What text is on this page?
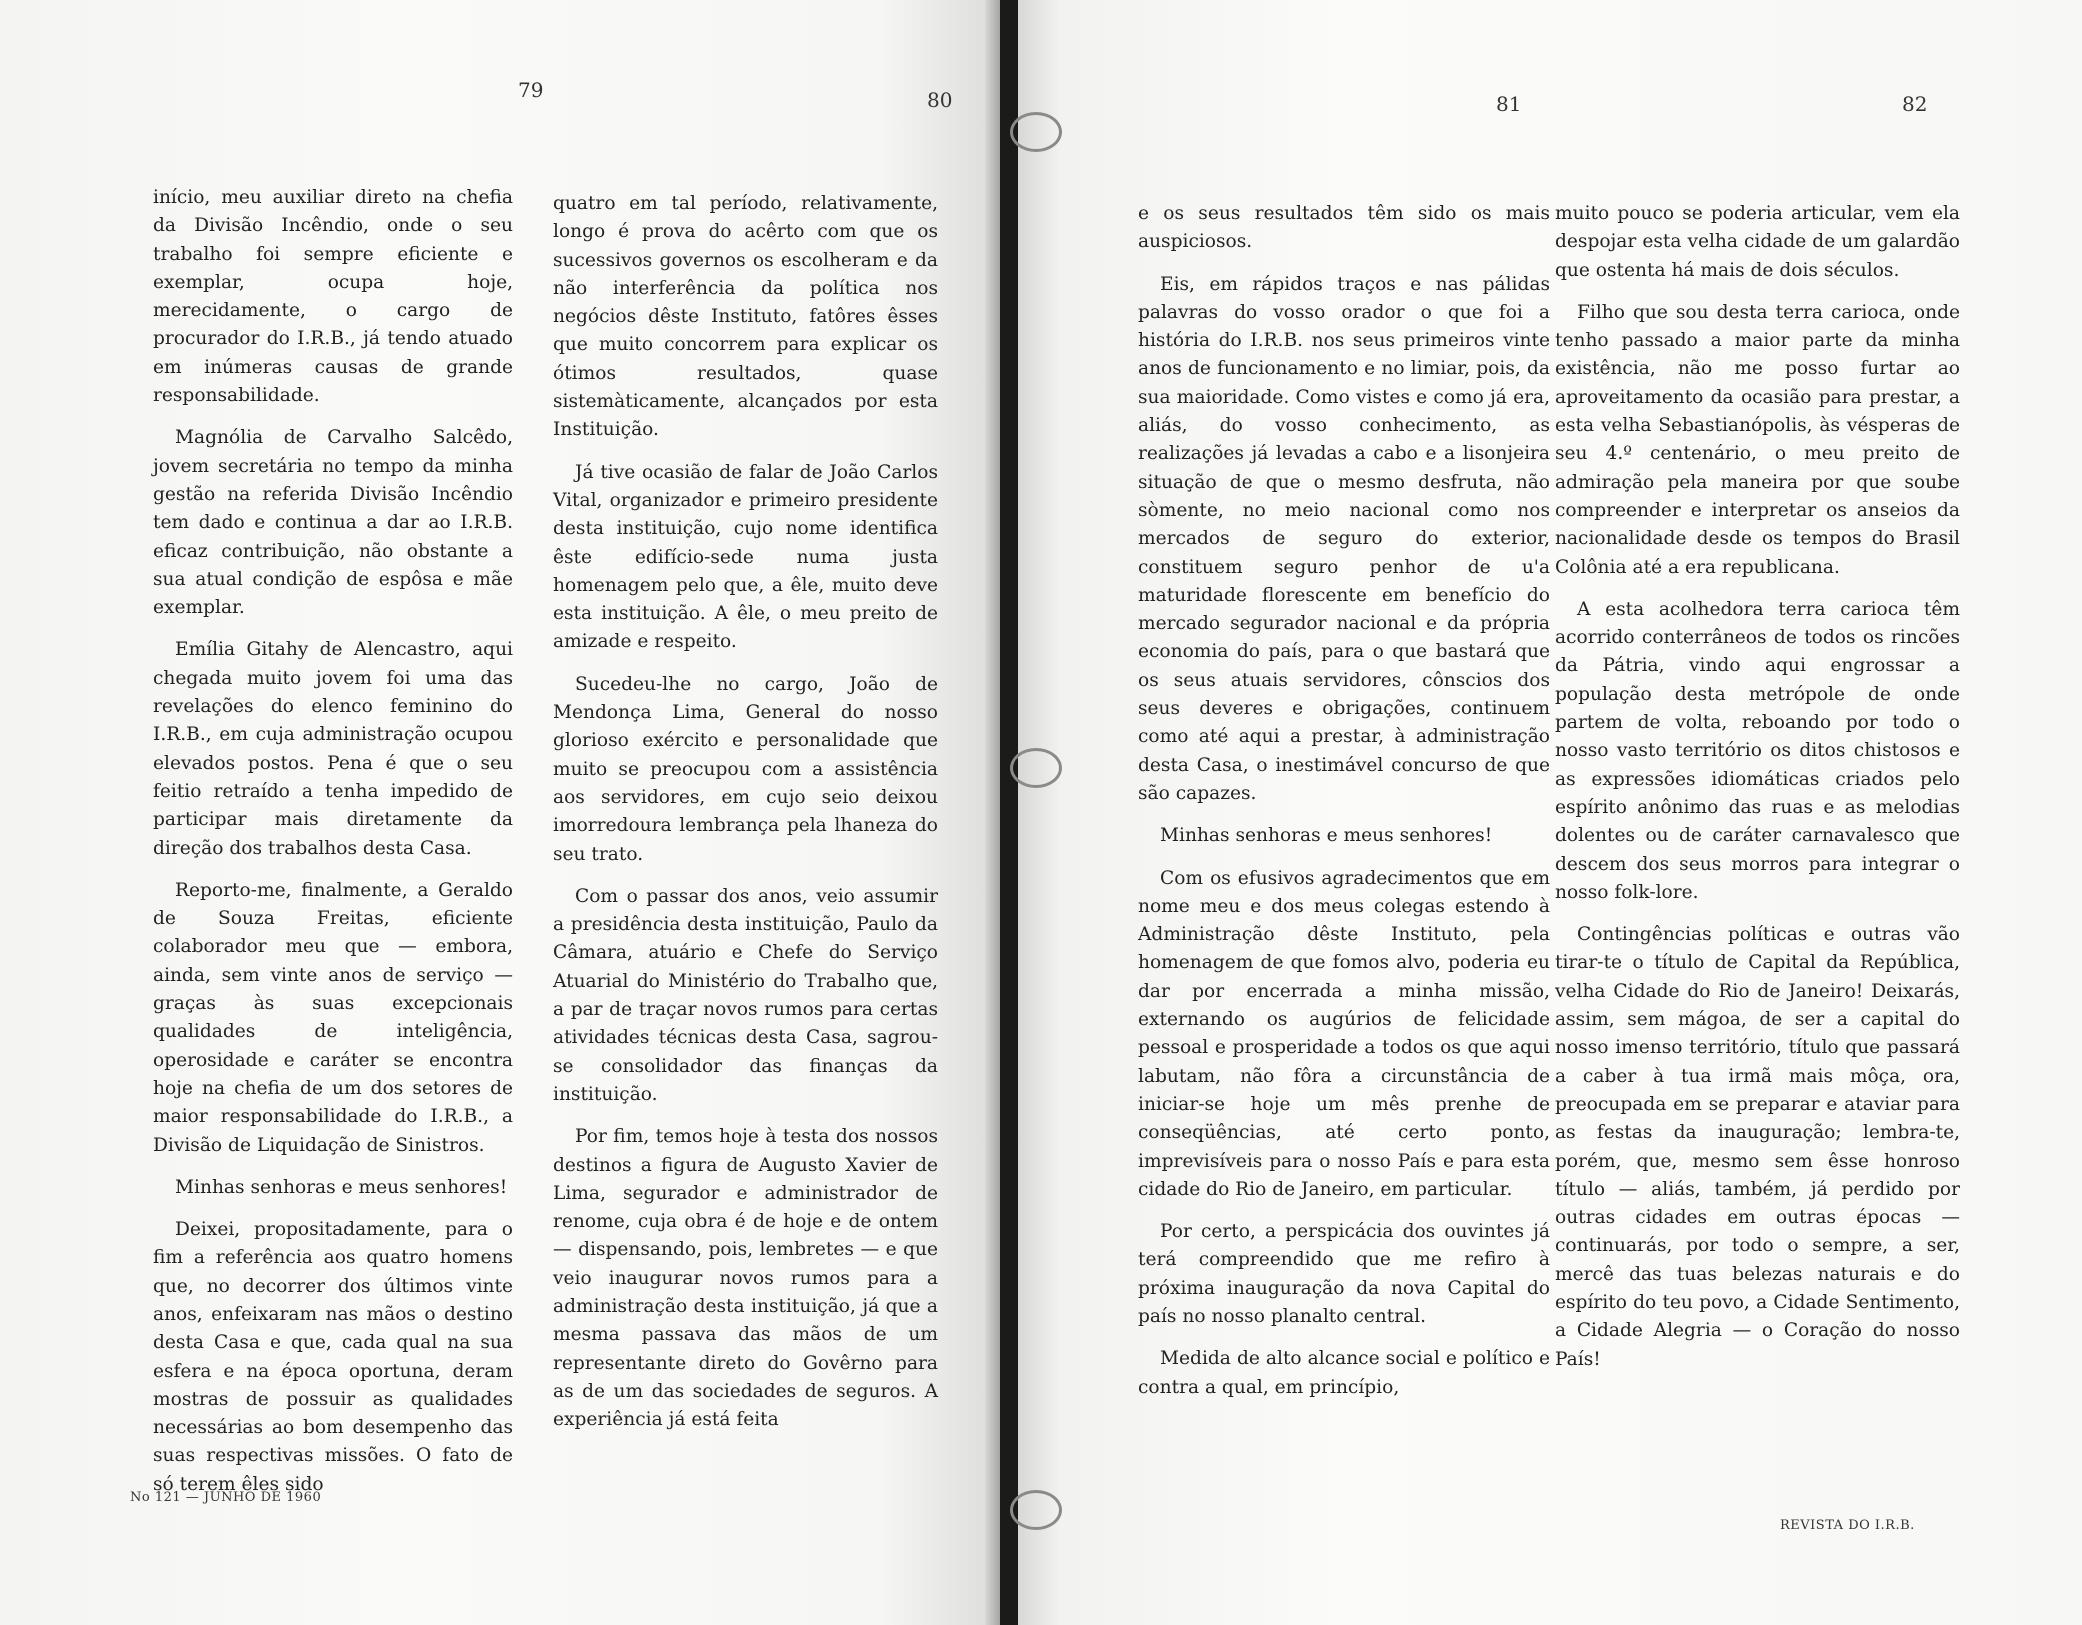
79	80

início, meu auxiliar direto na chefia da Divisão Incêndio, onde o seu trabalho foi sempre eficiente e exemplar, ocupa hoje, merecidamente, o cargo de procurador do I.R.B., já tendo atuado em inúmeras causas de grande responsabilidade.

Magnólia de Carvalho Salcêdo, jovem secretária no tempo da minha gestão na referida Divisão Incêndio tem dado e continua a dar ao I.R.B. eficaz contribuição, não obstante a sua atual condição de espôsa e mãe exemplar.

Emília Gitahy de Alencastro, aqui chegada muito jovem foi uma das revelações do elenco feminino do I.R.B., em cuja administração ocupou elevados postos. Pena é que o seu feitio retraído a tenha impedido de participar mais diretamente da direção dos trabalhos desta Casa.

Reporto-me, finalmente, a Geraldo de Souza Freitas, eficiente colaborador meu que — embora, ainda, sem vinte anos de serviço — graças às suas excepcionais qualidades de inteligência, operosidade e caráter se encontra hoje na chefia de um dos setores de maior responsabilidade do I.R.B., a Divisão de Liquidação de Sinistros.

Minhas senhoras e meus senhores!

Deixei, propositadamente, para o fim a referência aos quatro homens que, no decorrer dos últimos vinte anos, enfeixaram nas mãos o destino desta Casa e que, cada qual na sua esfera e na época oportuna, deram mostras de possuir as qualidades necessárias ao bom desempenho das suas respectivas missões. O fato de só terem êles sido

quatro em tal período, relativamente, longo é prova do acêrto com que os sucessivos governos os escolheram e da não interferência da política nos negócios dêste Instituto, fatôres êsses que muito concorrem para explicar os ótimos resultados, quase sistemàticamente, alcançados por esta Instituição.

Já tive ocasião de falar de João Carlos Vital, organizador e primeiro presidente desta instituição, cujo nome identifica êste edifício-sede numa justa homenagem pelo que, a êle, muito deve esta instituição. A êle, o meu preito de amizade e respeito.

Sucedeu-lhe no cargo, João de Mendonça Lima, General do nosso glorioso exército e personalidade que muito se preocupou com a assistência aos servidores, em cujo seio deixou imorredoura lembrança pela lhaneza do seu trato.

Com o passar dos anos, veio assumir a presidência desta instituição, Paulo da Câmara, atuário e Chefe do Serviço Atuarial do Ministério do Trabalho que, a par de traçar novos rumos para certas atividades técnicas desta Casa, sagrou-se consolidador das finanças da instituição.

Por fim, temos hoje à testa dos nossos destinos a figura de Augusto Xavier de Lima, segurador e administrador de renome, cuja obra é de hoje e de ontem — dispensando, pois, lembretes — e que veio inaugurar novos rumos para a administração desta instituição, já que a mesma passava das mãos de um representante direto do Govêrno para as de um das sociedades de seguros. A experiência já está feita

No 121 — JUNHO DE 1960
81	82

e os seus resultados têm sido os mais auspiciosos.

Eis, em rápidos traços e nas pálidas palavras do vosso orador o que foi a história do I.R.B. nos seus primeiros vinte anos de funcionamento e no limiar, pois, da sua maioridade. Como vistes e como já era, aliás, do vosso conhecimento, as realizações já levadas a cabo e a lisonjeira situação de que o mesmo desfruta, não sòmente, no meio nacional como nos mercados de seguro do exterior, constituem seguro penhor de u'a maturidade florescente em benefício do mercado segurador nacional e da própria economia do país, para o que bastará que os seus atuais servidores, cônscios dos seus deveres e obrigações, continuem como até aqui a prestar, à administração desta Casa, o inestimável concurso de que são capazes.

Minhas senhoras e meus senhores!

Com os efusivos agradecimentos que em nome meu e dos meus colegas estendo à Administração dêste Instituto, pela homenagem de que fomos alvo, poderia eu dar por encerrada a minha missão, externando os augúrios de felicidade pessoal e prosperidade a todos os que aqui labutam, não fôra a circunstância de iniciar-se hoje um mês prenhe de conseqüências, até certo ponto, imprevisíveis para o nosso País e para esta cidade do Rio de Janeiro, em particular.

Por certo, a perspicácia dos ouvintes já terá compreendido que me refiro à próxima inauguração da nova Capital do país no nosso planalto central.

Medida de alto alcance social e político e contra a qual, em princípio,

muito pouco se poderia articular, vem ela despojar esta velha cidade de um galardão que ostenta há mais de dois séculos.

Filho que sou desta terra carioca, onde tenho passado a maior parte da minha existência, não me posso furtar ao aproveitamento da ocasião para prestar, a esta velha Sebastianópolis, às vésperas de seu 4.º centenário, o meu preito de admiração pela maneira por que soube compreender e interpretar os anseios da nacionalidade desde os tempos do Brasil Colônia até a era republicana.

A esta acolhedora terra carioca têm acorrido conterrâneos de todos os rincões da Pátria, vindo aqui engrossar a população desta metrópole de onde partem de volta, reboando por todo o nosso vasto território os ditos chistosos e as expressões idiomáticas criados pelo espírito anônimo das ruas e as melodias dolentes ou de caráter carnavalesco que descem dos seus morros para integrar o nosso folk-lore.

Contingências políticas e outras vão tirar-te o título de Capital da República, velha Cidade do Rio de Janeiro! Deixarás, assim, sem mágoa, de ser a capital do nosso imenso território, título que passará a caber à tua irmã mais môça, ora, preocupada em se preparar e ataviar para as festas da inauguração; lembra-te, porém, que, mesmo sem êsse honroso título — aliás, também, já perdido por outras cidades em outras épocas — continuarás, por todo o sempre, a ser, mercê das tuas belezas naturais e do espírito do teu povo, a Cidade Sentimento, a Cidade Alegria — o Coração do nosso País!

REVISTA DO I.R.B.
